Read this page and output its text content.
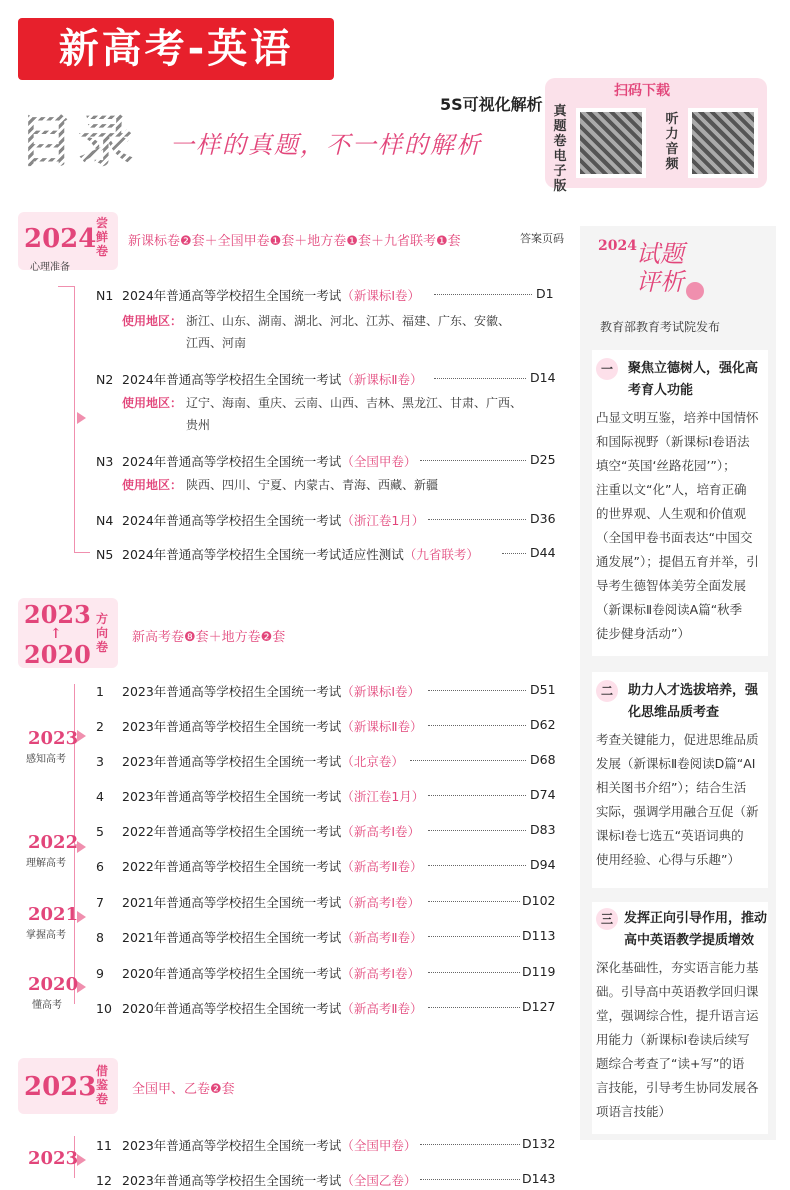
新高考-英语
目录 一样的真题，不一样的解析
5S可视化解析
扫码下载
真题卷电子版
听力音频
2024
尝鲜卷
心理准备
新课标卷❷套＋全国甲卷❶套＋地方卷❶套＋九省联考❶套	答案页码
N1 2024年普通高等学校招生全国统一考试（新课标Ⅰ卷）	D1
使用地区： 浙江、山东、湖南、湖北、河北、江苏、福建、广东、安徽、
江西、河南
N2 2024年普通高等学校招生全国统一考试（新课标Ⅱ卷）	D14
使用地区： 辽宁、海南、重庆、云南、山西、吉林、黑龙江、甘肃、广西、
贵州
N3 2024年普通高等学校招生全国统一考试（全国甲卷）	D25
使用地区： 陕西、四川、宁夏、内蒙古、青海、西藏、新疆
N4 2024年普通高等学校招生全国统一考试（浙江卷1月）	D36
N5 2024年普通高等学校招生全国统一考试适应性测试（九省联考）	D44
2023
↑
2020
方向卷
新高考卷❽套＋地方卷❷套
2023
感知高考
2022
理解高考
2021
掌握高考
2020
懂高考
1 2023年普通高等学校招生全国统一考试（新课标Ⅰ卷）	D51
2 2023年普通高等学校招生全国统一考试（新课标Ⅱ卷）	D62
3 2023年普通高等学校招生全国统一考试（北京卷）	D68
4 2023年普通高等学校招生全国统一考试（浙江卷1月）	D74
5 2022年普通高等学校招生全国统一考试（新高考Ⅰ卷）	D83
6 2022年普通高等学校招生全国统一考试（新高考Ⅱ卷）	D94
7 2021年普通高等学校招生全国统一考试（新高考Ⅰ卷）	D102
8 2021年普通高等学校招生全国统一考试（新高考Ⅱ卷）	D113
9 2020年普通高等学校招生全国统一考试（新高考Ⅰ卷）	D119
10 2020年普通高等学校招生全国统一考试（新高考Ⅱ卷）	D127
2023
借鉴卷
全国甲、乙卷❷套
2023
11 2023年普通高等学校招生全国统一考试（全国甲卷）	D132
12 2023年普通高等学校招生全国统一考试（全国乙卷）	D143
2024 试题评析
教育部教育考试院发布
一	聚焦立德树人，强化高
考育人功能
凸显文明互鉴，培养中国情怀
和国际视野（新课标Ⅰ卷语法
填空“英国‘丝路花园’”）；
注重以文“化”人，培育正确
的世界观、人生观和价值观
（全国甲卷书面表达“中国交
通发展”）；提倡五育并举，引
导考生德智体美劳全面发展
（新课标Ⅱ卷阅读A篇“秋季
徒步健身活动”）
二	助力人才选拔培养，强
化思维品质考查
考查关键能力，促进思维品质
发展（新课标Ⅱ卷阅读D篇“AI
相关图书介绍”）；结合生活
实际，强调学用融合互促（新
课标Ⅰ卷七选五“英语词典的
使用经验、心得与乐趣”）
三 发挥正向引导作用，推动
高中英语教学提质增效
深化基础性，夯实语言能力基
础。引导高中英语教学回归课
堂，强调综合性，提升语言运
用能力（新课标Ⅰ卷读后续写
题综合考查了“读+写”的语
言技能，引导考生协同发展各
项语言技能）
